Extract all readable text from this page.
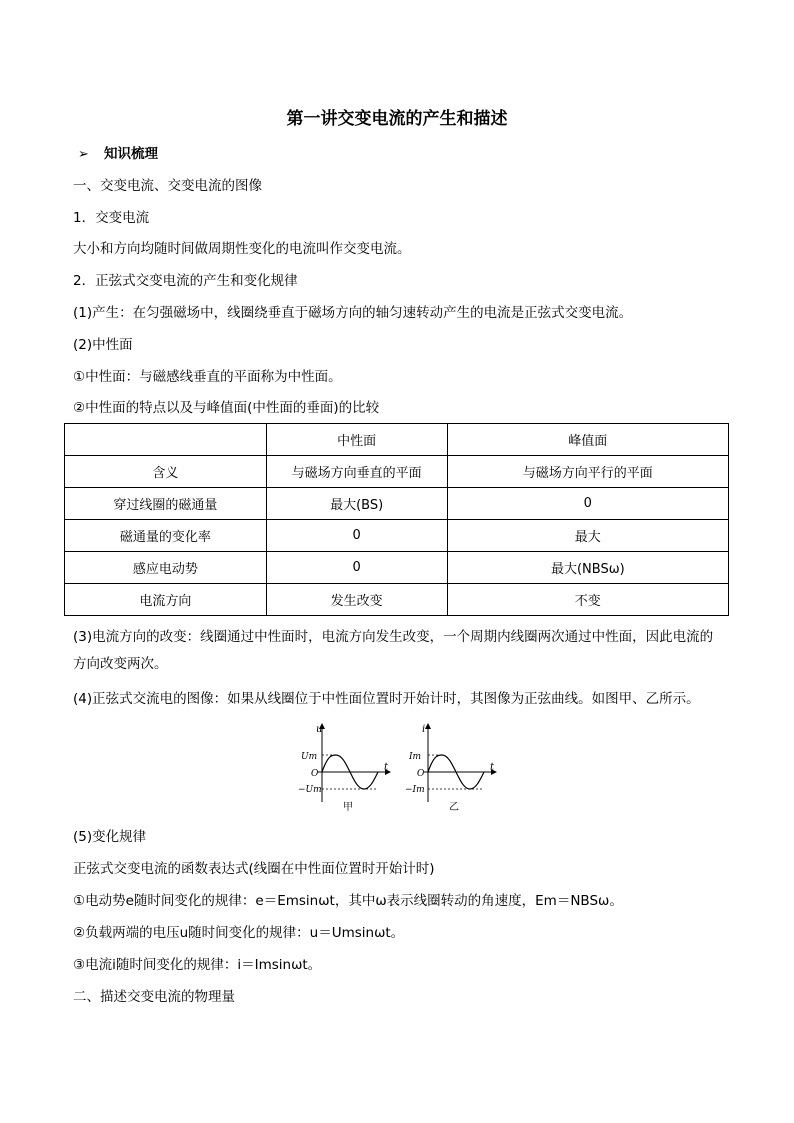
第一讲交变电流的产生和描述
➢ 知识梳理
一、交变电流、交变电流的图像
1．交变电流
大小和方向均随时间做周期性变化的电流叫作交变电流。
2．正弦式交变电流的产生和变化规律
(1)产生：在匀强磁场中，线圈绕垂直于磁场方向的轴匀速转动产生的电流是正弦式交变电流。
(2)中性面
①中性面：与磁感线垂直的平面称为中性面。
②中性面的特点以及与峰值面(中性面的垂面)的比较
	中性面	峰值面
含义	与磁场方向垂直的平面	与磁场方向平行的平面
穿过线圈的磁通量	最大(BS)	0
磁通量的变化率	0	最大
感应电动势	0	最大(NBSω)
电流方向	发生改变	不变
(3)电流方向的改变：线圈通过中性面时，电流方向发生改变，一个周期内线圈两次通过中性面，因此电流的方向改变两次。
(4)正弦式交流电的图像：如果从线圈位于中性面位置时开始计时，其图像为正弦曲线。如图甲、乙所示。
u
Um
O
−Um
t
甲
i
Im
O
−Im
t
乙
(5)变化规律
正弦式交变电流的函数表达式(线圈在中性面位置时开始计时)
①电动势e随时间变化的规律：e＝Emsinωt，其中ω表示线圈转动的角速度，Em＝NBSω。
②负载两端的电压u随时间变化的规律：u＝Umsinωt。
③电流i随时间变化的规律：i＝Imsinωt。
二、描述交变电流的物理量
